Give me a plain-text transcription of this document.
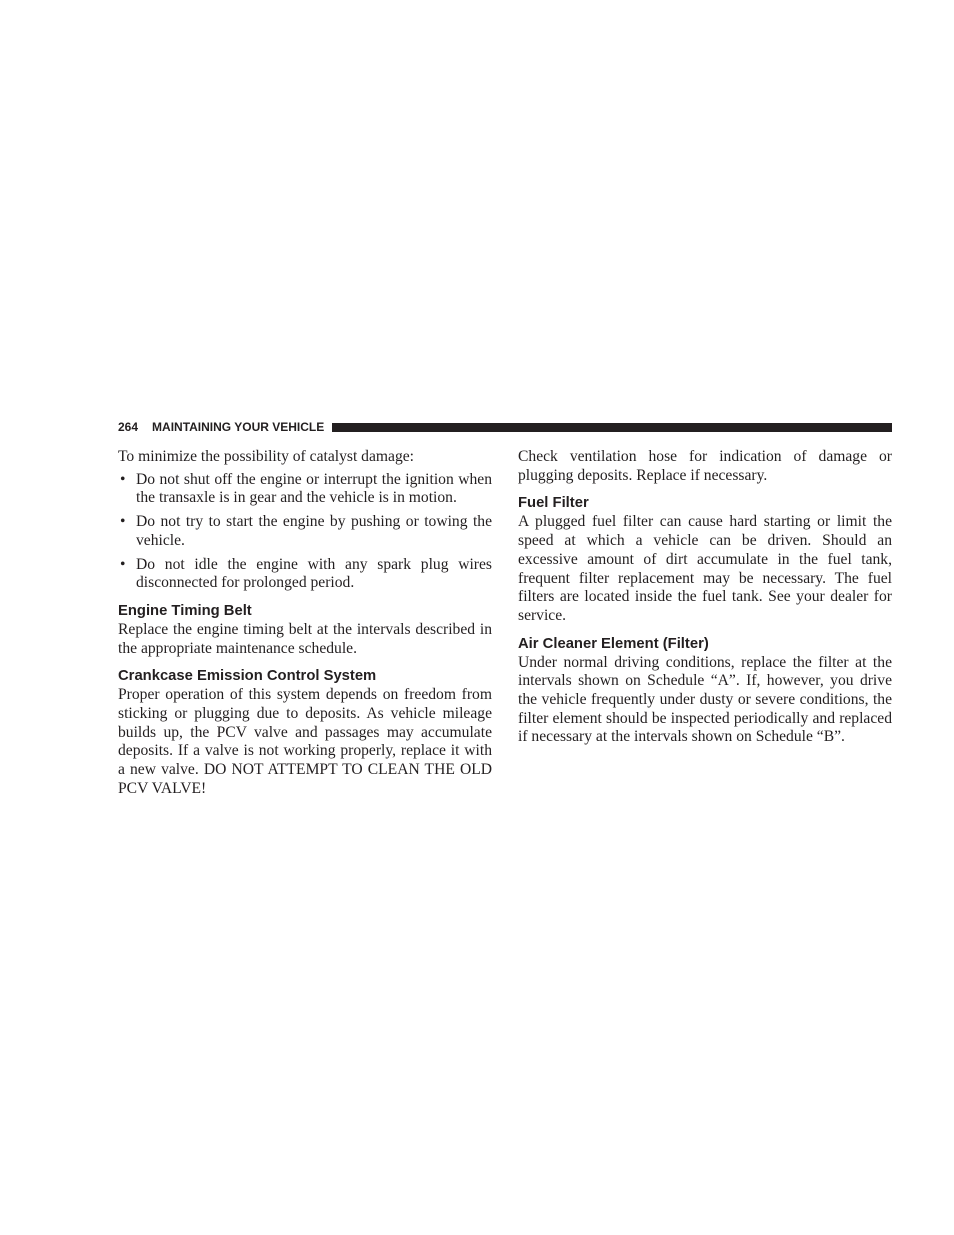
264 MAINTAINING YOUR VEHICLE

To minimize the possibility of catalyst damage:

• Do not shut off the engine or interrupt the ignition when the transaxle is in gear and the vehicle is in motion.
• Do not try to start the engine by pushing or towing the vehicle.
• Do not idle the engine with any spark plug wires disconnected for prolonged period.
Engine Timing Belt

Replace the engine timing belt at the intervals described in the appropriate maintenance schedule.

Crankcase Emission Control System

Proper operation of this system depends on freedom from sticking or plugging due to deposits. As vehicle mileage builds up, the PCV valve and passages may accumulate deposits. If a valve is not working properly, replace it with a new valve. DO NOT ATTEMPT TO CLEAN THE OLD PCV VALVE!

Check ventilation hose for indication of damage or plugging deposits. Replace if necessary.

Fuel Filter

A plugged fuel filter can cause hard starting or limit the speed at which a vehicle can be driven. Should an excessive amount of dirt accumulate in the fuel tank, frequent filter replacement may be necessary. The fuel filters are located inside the fuel tank. See your dealer for service.

Air Cleaner Element (Filter)

Under normal driving conditions, replace the filter at the intervals shown on Schedule “A”. If, however, you drive the vehicle frequently under dusty or severe conditions, the filter element should be inspected periodically and replaced if necessary at the intervals shown on Schedule “B”.
